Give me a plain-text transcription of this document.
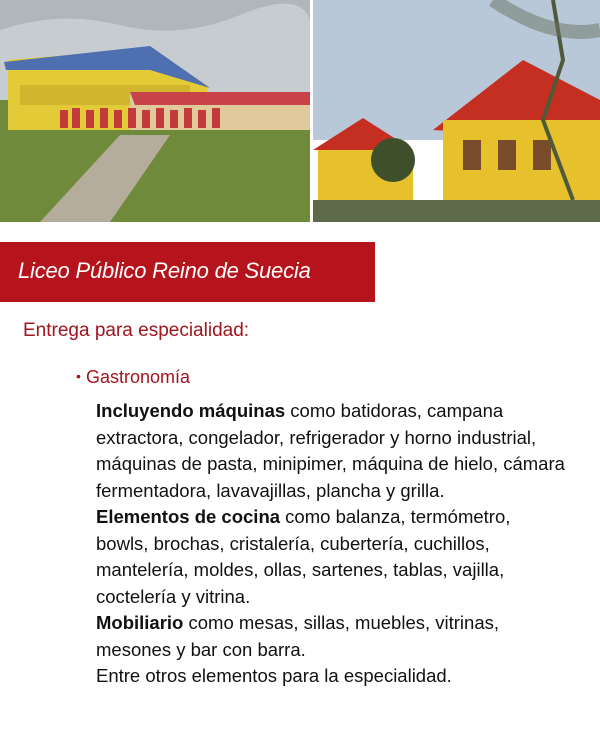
Liceo Público Reino de Suecia
Entrega para especialidad:
• Gastronomía
Incluyendo máquinas como batidoras, campana extractora, congelador, refrigerador y horno industrial, máquinas de pasta, minipimer, máquina de hielo, cámara fermentadora, lavavajillas, plancha y grilla.
Elementos de cocina como balanza, termómetro, bowls, brochas, cristalería, cubertería, cuchillos, mantelería, moldes, ollas, sartenes, tablas, vajilla, coctelería y vitrina.
Mobiliario como mesas, sillas, muebles, vitrinas, mesones y bar con barra.
Entre otros elementos para la especialidad.
